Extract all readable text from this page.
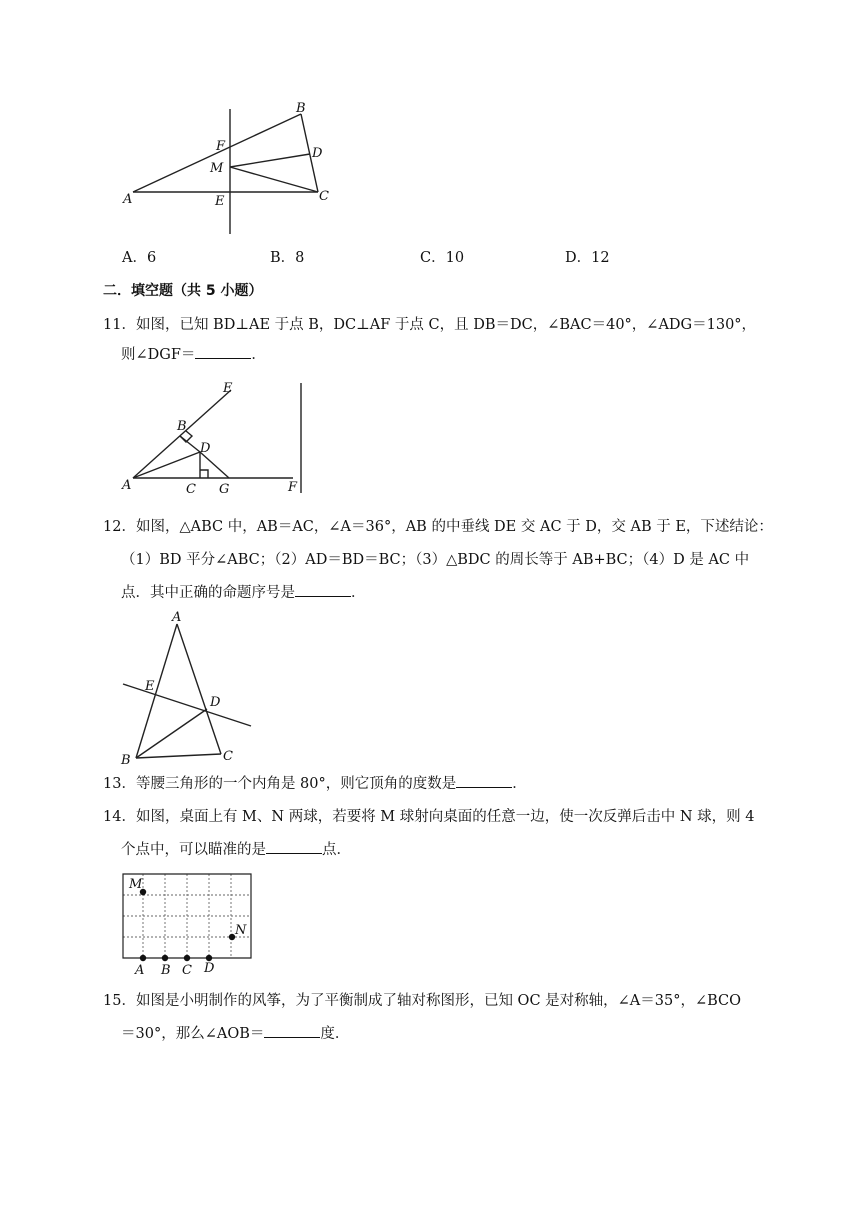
A
B
C
D
E
F
M
A．6	B．8	C．10	D．12
二．填空题（共 5 小题）
11．如图，已知 BD⊥AE 于点 B，DC⊥AF 于点 C，且 DB＝DC，∠BAC＝40°，∠ADG＝130°，
则∠DGF＝	．
A
B
C
D
E
F
G
12．如图，△ABC 中，AB＝AC，∠A＝36°，AB 的中垂线 DE 交 AC 于 D，交 AB 于 E，下述结论：
（1）BD 平分∠ABC；（2）AD＝BD＝BC；（3）△BDC 的周长等于 AB+BC；（4）D 是 AC 中
点．其中正确的命题序号是	．
A
B	C
D
E
13．等腰三角形的一个内角是 80°，则它顶角的度数是	．
14．如图，桌面上有 M、N 两球，若要将 M 球射向桌面的任意一边，使一次反弹后击中 N 球，则 4
个点中，可以瞄准的是	点．
M
N
A B C D
15．如图是小明制作的风筝，为了平衡制成了轴对称图形，已知 OC 是对称轴，∠A＝35°，∠BCO
＝30°，那么∠AOB＝	度．
